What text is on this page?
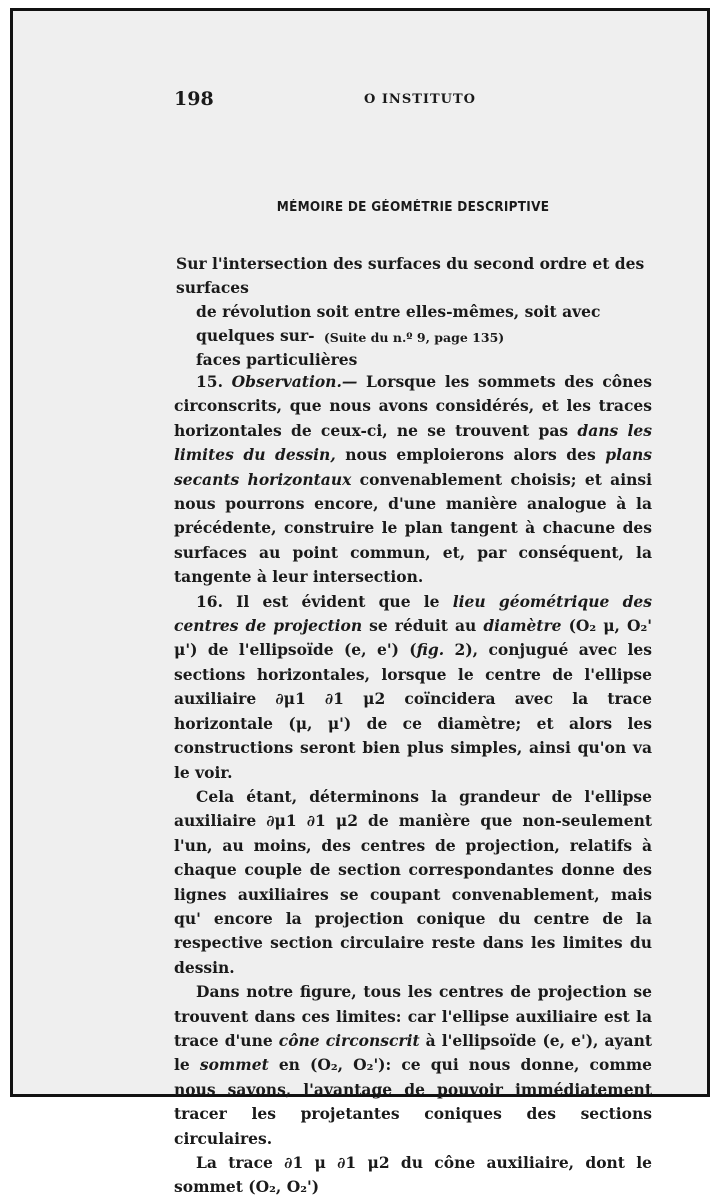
198	O INSTITUTO
MÉMOIRE DE GÉOMÉTRIE DESCRIPTIVE
Sur l'intersection des surfaces du second ordre et des surfaces
de révolution soit entre elles-mêmes, soit avec quelques sur-
faces particulières
(Suite du n.º 9, page 135)

15. Observation.— Lorsque les sommets des cônes circonscrits, que nous avons considérés, et les traces horizontales de ceux-ci, ne se trouvent pas dans les limites du dessin, nous emploierons alors des plans secants horizontaux convenablement choisis; et ainsi nous pourrons encore, d'une manière analogue à la précédente, construire le plan tangent à chacune des surfaces au point commun, et, par conséquent, la tangente à leur intersection.

16. Il est évident que le lieu géométrique des centres de projection se réduit au diamètre (O₂ μ, O₂' μ') de l'ellipsoïde (e, e') (fig. 2), conjugué avec les sections horizontales, lorsque le centre de l'ellipse auxiliaire ∂μ1 ∂1 μ2 coïncidera avec la trace horizontale (μ, μ') de ce diamètre; et alors les constructions seront bien plus simples, ainsi qu'on va le voir.

Cela étant, déterminons la grandeur de l'ellipse auxiliaire ∂μ1 ∂1 μ2 de manière que non-seulement l'un, au moins, des centres de projection, relatifs à chaque couple de section correspondantes donne des lignes auxiliaires se coupant convenablement, mais qu' encore la projection conique du centre de la respective section circulaire reste dans les limites du dessin.

Dans notre figure, tous les centres de projection se trouvent dans ces limites: car l'ellipse auxiliaire est la trace d'une cône circonscrit à l'ellipsoïde (e, e'), ayant le sommet en (O₂, O₂'): ce qui nous donne, comme nous savons, l'avantage de pouvoir immédiatement tracer les projetantes coniques des sections circulaires.

La trace ∂1 μ ∂1 μ2 du cône auxiliaire, dont le sommet (O₂, O₂')
